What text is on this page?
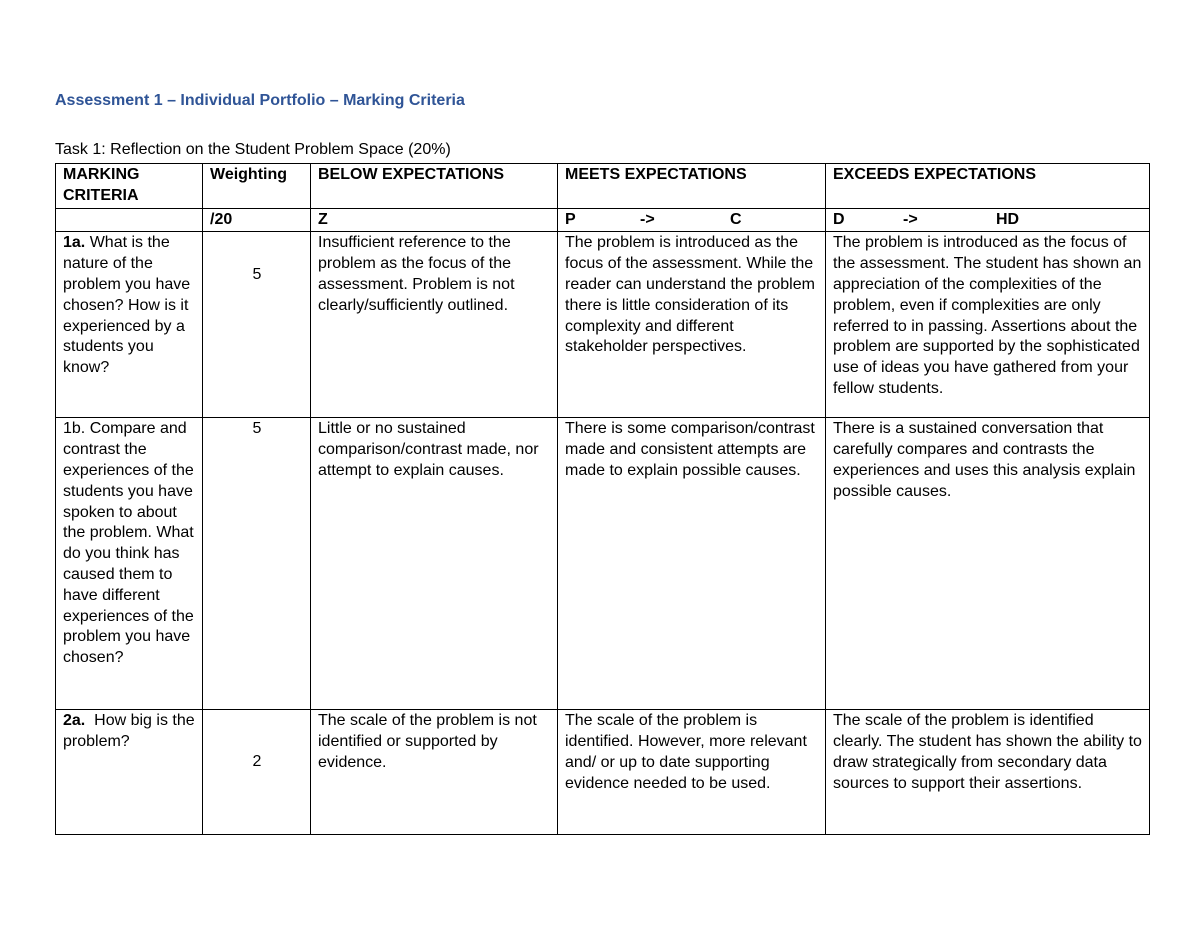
Assessment 1 – Individual Portfolio – Marking Criteria

Task 1: Reflection on the Student Problem Space (20%)

MARKING CRITERIA	Weighting	BELOW EXPECTATIONS	MEETS EXPECTATIONS	EXCEEDS EXPECTATIONS
	/20	Z	P -> C	D -> HD

1a. What is the nature of the problem you have chosen? How is it experienced by a students you know?	5	Insufficient reference to the problem as the focus of the assessment. Problem is not clearly/sufficiently outlined.	The problem is introduced as the focus of the assessment. While the reader can understand the problem there is little consideration of its complexity and different stakeholder perspectives.	The problem is introduced as the focus of the assessment. The student has shown an appreciation of the complexities of the problem, even if complexities are only referred to in passing. Assertions about the problem are supported by the sophisticated use of ideas you have gathered from your fellow students.
1b. Compare and contrast the experiences of the students you have spoken to about the problem. What do you think has caused them to have different experiences of the problem you have chosen?	5	Little or no sustained comparison/contrast made, nor attempt to explain causes.	There is some comparison/contrast made and consistent attempts are made to explain possible causes.	There is a sustained conversation that carefully compares and contrasts the experiences and uses this analysis explain possible causes.
2a.  How big is the problem?	2	The scale of the problem is not identified or supported by evidence.	The scale of the problem is identified. However, more relevant and/ or up to date supporting evidence needed to be used.	The scale of the problem is identified clearly. The student has shown the ability to draw strategically from secondary data sources to support their assertions.
